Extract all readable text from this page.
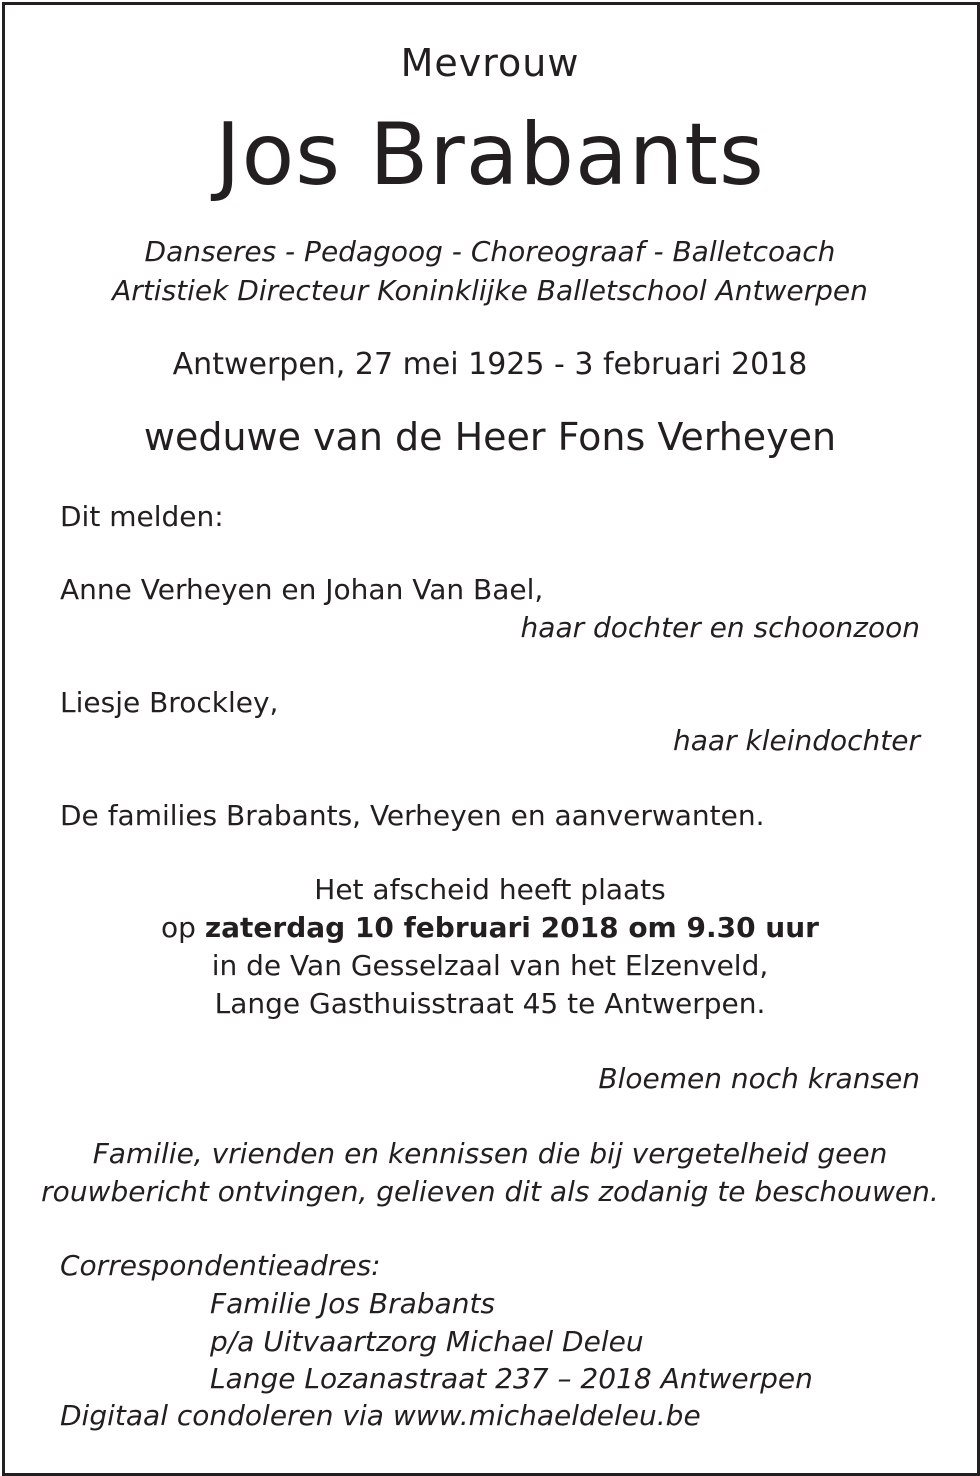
Mevrouw
Jos Brabants
Danseres - Pedagoog - Choreograaf - Balletcoach
Artistiek Directeur Koninklijke Balletschool Antwerpen
Antwerpen, 27 mei 1925 - 3 februari 2018
weduwe van de Heer Fons Verheyen
Dit melden:
Anne Verheyen en Johan Van Bael,
haar dochter en schoonzoon
Liesje Brockley,
haar kleindochter
De families Brabants, Verheyen en aanverwanten.
Het afscheid heeft plaats
op zaterdag 10 februari 2018 om 9.30 uur
in de Van Gesselzaal van het Elzenveld,
Lange Gasthuisstraat 45 te Antwerpen.
Bloemen noch kransen
Familie, vrienden en kennissen die bij vergetelheid geen
rouwbericht ontvingen, gelieven dit als zodanig te beschouwen.
Correspondentieadres:
Familie Jos Brabants
p/a Uitvaartzorg Michael Deleu
Lange Lozanastraat 237 – 2018 Antwerpen
Digitaal condoleren via www.michaeldeleu.be
